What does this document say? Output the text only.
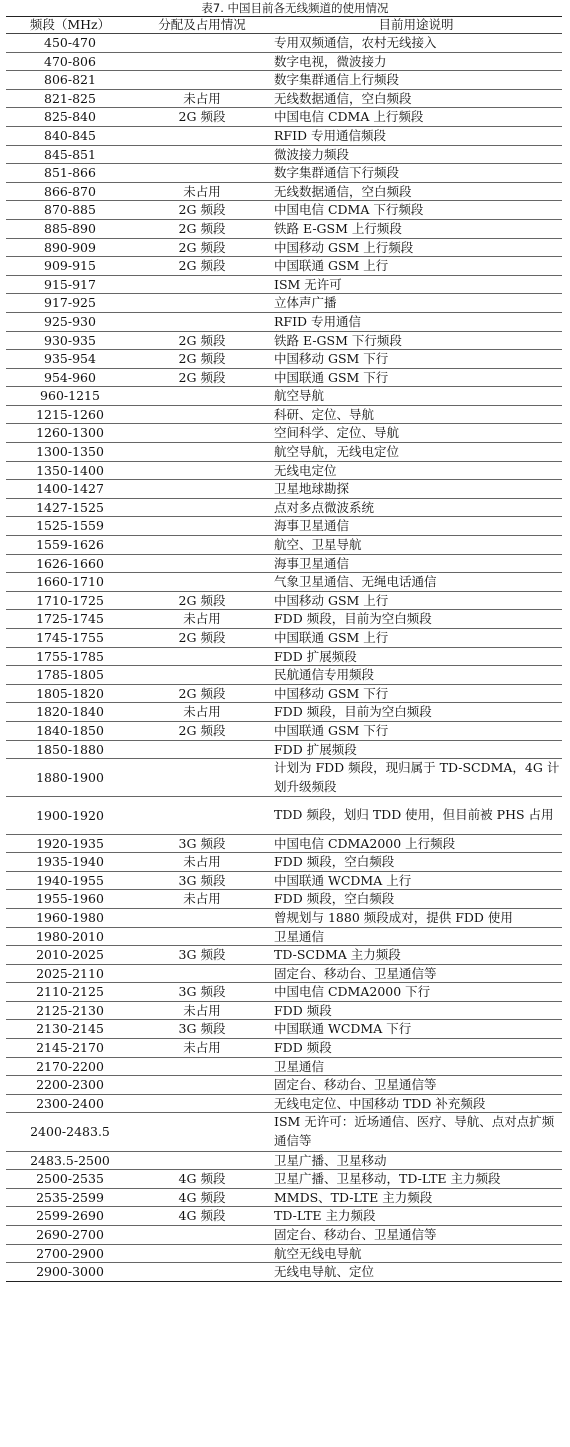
表7. 中国目前各无线频道的使用情况
频段（MHz）	分配及占用情况	目前用途说明
450-470		专用双频通信，农村无线接入
470-806		数字电视，微波接力
806-821		数字集群通信上行频段
821-825	未占用	无线数据通信，空白频段
825-840	2G 频段	中国电信 CDMA 上行频段
840-845		RFID 专用通信频段
845-851		微波接力频段
851-866		数字集群通信下行频段
866-870	未占用	无线数据通信，空白频段
870-885	2G 频段	中国电信 CDMA 下行频段
885-890	2G 频段	铁路 E-GSM 上行频段
890-909	2G 频段	中国移动 GSM 上行频段
909-915	2G 频段	中国联通 GSM 上行
915-917		ISM 无许可
917-925		立体声广播
925-930		RFID 专用通信
930-935	2G 频段	铁路 E-GSM 下行频段
935-954	2G 频段	中国移动 GSM 下行
954-960	2G 频段	中国联通 GSM 下行
960-1215		航空导航
1215-1260		科研、定位、导航
1260-1300		空间科学、定位、导航
1300-1350		航空导航，无线电定位
1350-1400		无线电定位
1400-1427		卫星地球勘探
1427-1525		点对多点微波系统
1525-1559		海事卫星通信
1559-1626		航空、卫星导航
1626-1660		海事卫星通信
1660-1710		气象卫星通信、无绳电话通信
1710-1725	2G 频段	中国移动 GSM 上行
1725-1745	未占用	FDD 频段，目前为空白频段
1745-1755	2G 频段	中国联通 GSM 上行
1755-1785		FDD 扩展频段
1785-1805		民航通信专用频段
1805-1820	2G 频段	中国移动 GSM 下行
1820-1840	未占用	FDD 频段，目前为空白频段
1840-1850	2G 频段	中国联通 GSM 下行
1850-1880		FDD 扩展频段
1880-1900		计划为 FDD 频段，现归属于 TD-SCDMA，4G 计划升级频段
1900-1920		TDD 频段，划归 TDD 使用，但目前被 PHS 占用
1920-1935	3G 频段	中国电信 CDMA2000 上行频段
1935-1940	未占用	FDD 频段，空白频段
1940-1955	3G 频段	中国联通 WCDMA 上行
1955-1960	未占用	FDD 频段，空白频段
1960-1980		曾规划与 1880 频段成对，提供 FDD 使用
1980-2010		卫星通信
2010-2025	3G 频段	TD-SCDMA 主力频段
2025-2110		固定台、移动台、卫星通信等
2110-2125	3G 频段	中国电信 CDMA2000 下行
2125-2130	未占用	FDD 频段
2130-2145	3G 频段	中国联通 WCDMA 下行
2145-2170	未占用	FDD 频段
2170-2200		卫星通信
2200-2300		固定台、移动台、卫星通信等
2300-2400		无线电定位、中国移动 TDD 补充频段
2400-2483.5		ISM 无许可：近场通信、医疗、导航、点对点扩频通信等
2483.5-2500		卫星广播、卫星移动
2500-2535	4G 频段	卫星广播、卫星移动，TD-LTE 主力频段
2535-2599	4G 频段	MMDS、TD-LTE 主力频段
2599-2690	4G 频段	TD-LTE 主力频段
2690-2700		固定台、移动台、卫星通信等
2700-2900		航空无线电导航
2900-3000		无线电导航、定位
